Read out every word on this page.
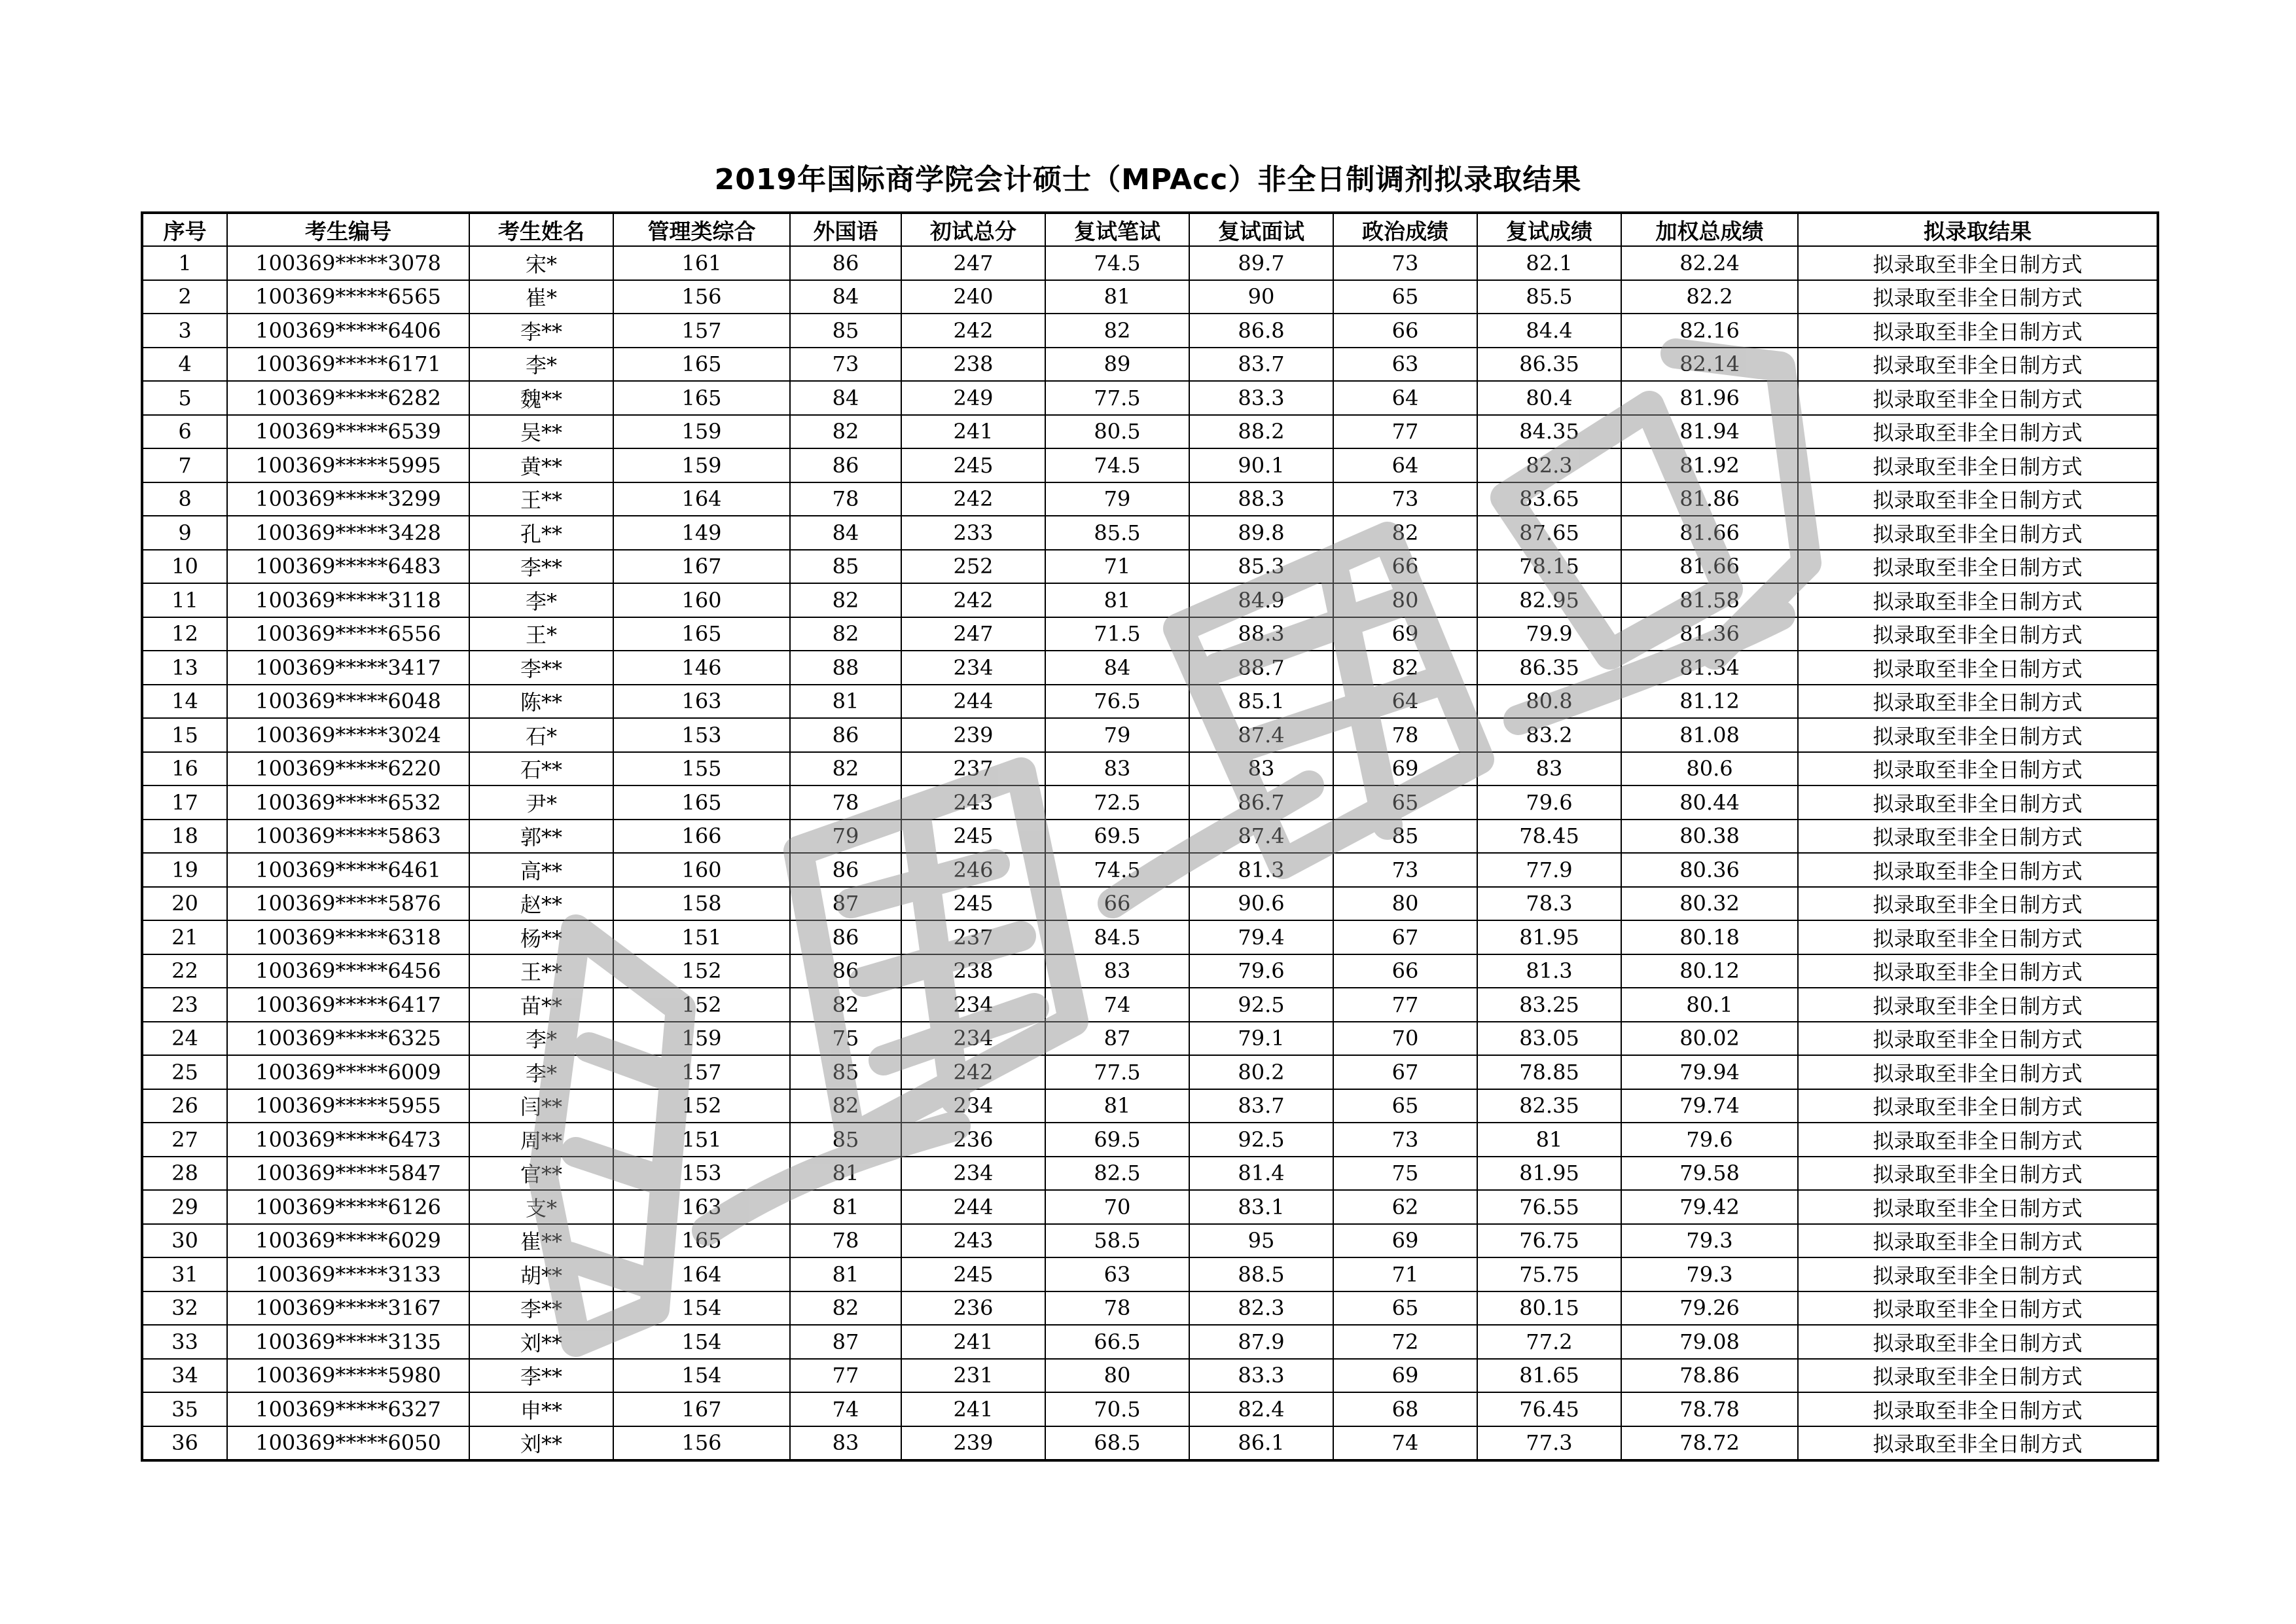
2019年国际商学院会计硕士（MPAcc）非全日制调剂拟录取结果
序号	考生编号	考生姓名	管理类综合	外国语	初试总分	复试笔试	复试面试	政治成绩	复试成绩	加权总成绩	拟录取结果
1	100369*****3078	宋*	161	86	247	74.5	89.7	73	82.1	82.24	拟录取至非全日制方式
2	100369*****6565	崔*	156	84	240	81	90	65	85.5	82.2	拟录取至非全日制方式
3	100369*****6406	李**	157	85	242	82	86.8	66	84.4	82.16	拟录取至非全日制方式
4	100369*****6171	李*	165	73	238	89	83.7	63	86.35	82.14	拟录取至非全日制方式
5	100369*****6282	魏**	165	84	249	77.5	83.3	64	80.4	81.96	拟录取至非全日制方式
6	100369*****6539	吴**	159	82	241	80.5	88.2	77	84.35	81.94	拟录取至非全日制方式
7	100369*****5995	黄**	159	86	245	74.5	90.1	64	82.3	81.92	拟录取至非全日制方式
8	100369*****3299	王**	164	78	242	79	88.3	73	83.65	81.86	拟录取至非全日制方式
9	100369*****3428	孔**	149	84	233	85.5	89.8	82	87.65	81.66	拟录取至非全日制方式
10	100369*****6483	李**	167	85	252	71	85.3	66	78.15	81.66	拟录取至非全日制方式
11	100369*****3118	李*	160	82	242	81	84.9	80	82.95	81.58	拟录取至非全日制方式
12	100369*****6556	王*	165	82	247	71.5	88.3	69	79.9	81.36	拟录取至非全日制方式
13	100369*****3417	李**	146	88	234	84	88.7	82	86.35	81.34	拟录取至非全日制方式
14	100369*****6048	陈**	163	81	244	76.5	85.1	64	80.8	81.12	拟录取至非全日制方式
15	100369*****3024	石*	153	86	239	79	87.4	78	83.2	81.08	拟录取至非全日制方式
16	100369*****6220	石**	155	82	237	83	83	69	83	80.6	拟录取至非全日制方式
17	100369*****6532	尹*	165	78	243	72.5	86.7	65	79.6	80.44	拟录取至非全日制方式
18	100369*****5863	郭**	166	79	245	69.5	87.4	85	78.45	80.38	拟录取至非全日制方式
19	100369*****6461	高**	160	86	246	74.5	81.3	73	77.9	80.36	拟录取至非全日制方式
20	100369*****5876	赵**	158	87	245	66	90.6	80	78.3	80.32	拟录取至非全日制方式
21	100369*****6318	杨**	151	86	237	84.5	79.4	67	81.95	80.18	拟录取至非全日制方式
22	100369*****6456	王**	152	86	238	83	79.6	66	81.3	80.12	拟录取至非全日制方式
23	100369*****6417	苗**	152	82	234	74	92.5	77	83.25	80.1	拟录取至非全日制方式
24	100369*****6325	李*	159	75	234	87	79.1	70	83.05	80.02	拟录取至非全日制方式
25	100369*****6009	李*	157	85	242	77.5	80.2	67	78.85	79.94	拟录取至非全日制方式
26	100369*****5955	闫**	152	82	234	81	83.7	65	82.35	79.74	拟录取至非全日制方式
27	100369*****6473	周**	151	85	236	69.5	92.5	73	81	79.6	拟录取至非全日制方式
28	100369*****5847	官**	153	81	234	82.5	81.4	75	81.95	79.58	拟录取至非全日制方式
29	100369*****6126	支*	163	81	244	70	83.1	62	76.55	79.42	拟录取至非全日制方式
30	100369*****6029	崔**	165	78	243	58.5	95	69	76.75	79.3	拟录取至非全日制方式
31	100369*****3133	胡**	164	81	245	63	88.5	71	75.75	79.3	拟录取至非全日制方式
32	100369*****3167	李**	154	82	236	78	82.3	65	80.15	79.26	拟录取至非全日制方式
33	100369*****3135	刘**	154	87	241	66.5	87.9	72	77.2	79.08	拟录取至非全日制方式
34	100369*****5980	李**	154	77	231	80	83.3	69	81.65	78.86	拟录取至非全日制方式
35	100369*****6327	申**	167	74	241	70.5	82.4	68	76.45	78.78	拟录取至非全日制方式
36	100369*****6050	刘**	156	83	239	68.5	86.1	74	77.3	78.72	拟录取至非全日制方式
